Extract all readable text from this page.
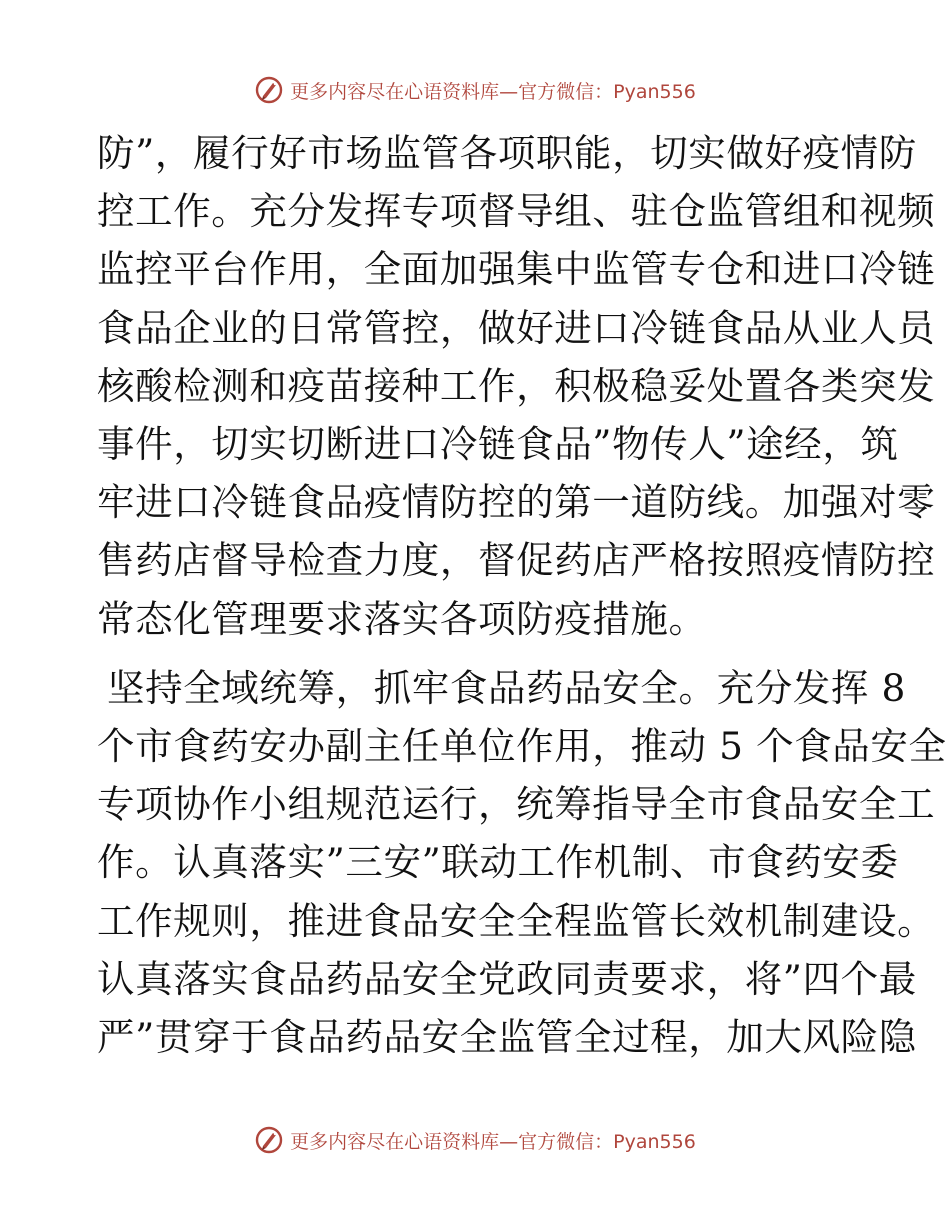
更多内容尽在心语资料库—官方微信：Pyan556

防”，履行好市场监管各项职能，切实做好疫情防
控工作。充分发挥专项督导组、驻仓监管组和视频
监控平台作用，全面加强集中监管专仓和进口冷链
食品企业的日常管控，做好进口冷链食品从业人员
核酸检测和疫苗接种工作，积极稳妥处置各类突发
事件，切实切断进口冷链食品”物传人”途经，筑
牢进口冷链食品疫情防控的第一道防线。加强对零
售药店督导检查力度，督促药店严格按照疫情防控
常态化管理要求落实各项防疫措施。

坚持全域统筹，抓牢食品药品安全。充分发挥 8
个市食药安办副主任单位作用，推动 5 个食品安全
专项协作小组规范运行，统筹指导全市食品安全工
作。认真落实”三安”联动工作机制、市食药安委
工作规则，推进食品安全全程监管长效机制建设。
认真落实食品药品安全党政同责要求，将”四个最
严”贯穿于食品药品安全监管全过程，加大风险隐

更多内容尽在心语资料库—官方微信：Pyan556
